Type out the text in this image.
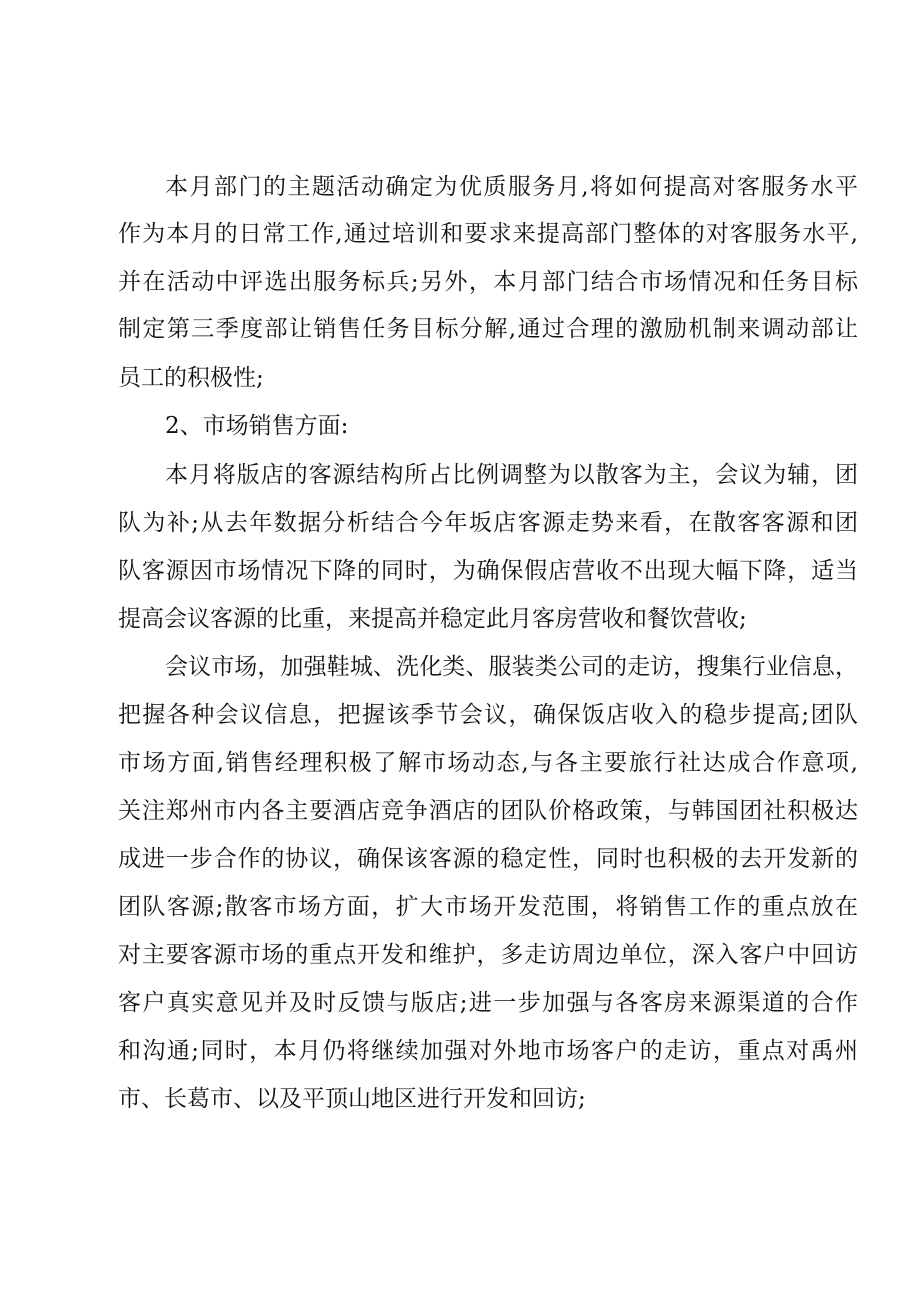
本月部门的主题活动确定为优质服务月,将如何提高对客服务水平
作为本月的日常工作,通过培训和要求来提高部门整体的对客服务水平,
并在活动中评选出服务标兵;另外，本月部门结合市场情况和任务目标
制定第三季度部让销售任务目标分解,通过合理的激励机制来调动部让
员工的积极性;
2、市场销售方面:
本月将版店的客源结构所占比例调整为以散客为主，会议为辅，团
队为补;从去年数据分析结合今年坂店客源走势来看，在散客客源和团
队客源因市场情况下降的同时，为确保假店营收不出现大幅下降，适当
提高会议客源的比重，来提高并稳定此月客房营收和餐饮营收;
会议市场，加强鞋城、洗化类、服装类公司的走访，搜集行业信息，
把握各种会议信息，把握该季节会议，确保饭店收入的稳步提高;团队
市场方面,销售经理积极了解市场动态,与各主要旅行社达成合作意项,
关注郑州市内各主要酒店竞争酒店的团队价格政策，与韩国团社积极达
成进一步合作的协议，确保该客源的稳定性，同时也积极的去开发新的
团队客源;散客市场方面，扩大市场开发范围，将销售工作的重点放在
对主要客源市场的重点开发和维护，多走访周边单位，深入客户中回访
客户真实意见并及时反馈与版店;进一步加强与各客房来源渠道的合作
和沟通;同时，本月仍将继续加强对外地市场客户的走访，重点对禹州
市、长葛市、以及平顶山地区进行开发和回访;
